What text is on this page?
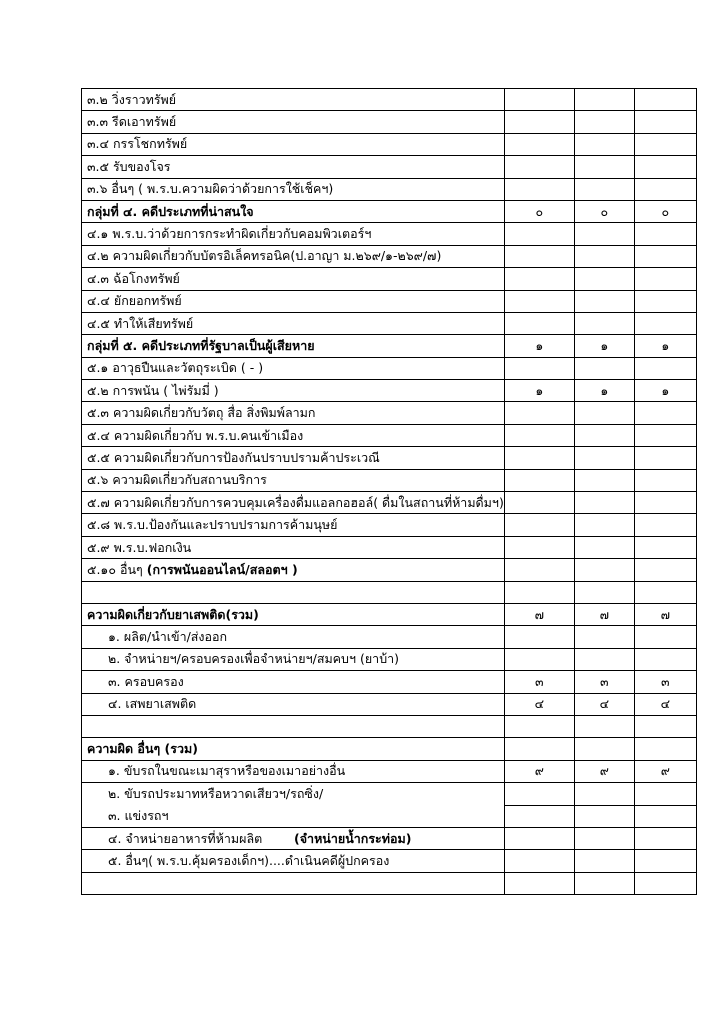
๓.๒ วิ่งราวทรัพย์			
๓.๓ รีดเอาทรัพย์			
๓.๔ กรรโชกทรัพย์			
๓.๕ รับของโจร			
๓.๖ อื่นๆ ( พ.ร.บ.ความผิดว่าด้วยการใช้เช็คฯ)			
กลุ่มที่ ๔. คดีประเภทที่น่าสนใจ	๐	๐	๐
๔.๑ พ.ร.บ.ว่าด้วยการกระทำผิดเกี่ยวกับคอมพิวเตอร์ฯ			
๔.๒ ความผิดเกี่ยวกับบัตรอิเล็คทรอนิค(ป.อาญา ม.๒๖๙/๑-๒๖๙/๗)			
๔.๓ ฉ้อโกงทรัพย์			
๔.๔ ยักยอกทรัพย์			
๔.๕ ทำให้เสียทรัพย์			
กลุ่มที่ ๕. คดีประเภทที่รัฐบาลเป็นผู้เสียหาย	๑	๑	๑
๕.๑ อาวุธปืนและวัตถุระเบิด ( - )			
๕.๒ การพนัน ( ไพ่รัมมี่ )	๑	๑	๑
๕.๓ ความผิดเกี่ยวกับวัตถุ สื่อ สิ่งพิมพ์ลามก			
๕.๔ ความผิดเกี่ยวกับ พ.ร.บ.คนเข้าเมือง			
๕.๕ ความผิดเกี่ยวกับการป้องกันปราบปรามค้าประเวณี			
๕.๖ ความผิดเกี่ยวกับสถานบริการ			
๕.๗ ความผิดเกี่ยวกับการควบคุมเครื่องดื่มแอลกอฮอล์( ดื่มในสถานที่ห้ามดื่มฯ)			
๕.๘ พ.ร.บ.ป้องกันและปราบปรามการค้ามนุษย์			
๕.๙ พ.ร.บ.ฟอกเงิน			
๕.๑๐ อื่นๆ (การพนันออนไลน์/สลอตฯ )			

ความผิดเกี่ยวกับยาเสพติด(รวม)	๗	๗	๗
๑. ผลิต/นำเข้า/ส่งออก			
๒. จำหน่ายฯ/ครอบครองเพื่อจำหน่ายฯ/สมคบฯ (ยาบ้า)			
๓. ครอบครอง	๓	๓	๓
๔. เสพยาเสพติด	๔	๔	๔

ความผิด อื่นๆ (รวม)			
๑. ขับรถในขณะเมาสุราหรือของเมาอย่างอื่น	๙	๙	๙
๒. ขับรถประมาทหรือหวาดเสียวฯ/รถซิ่ง/			
๓. แข่งรถฯ			
๔. จำหน่ายอาหารที่ห้ามผลิต (จำหน่ายน้ำกระท่อม)			
๕. อื่นๆ( พ.ร.บ.คุ้มครองเด็กฯ)....ดำเนินคดีผู้ปกครอง			
